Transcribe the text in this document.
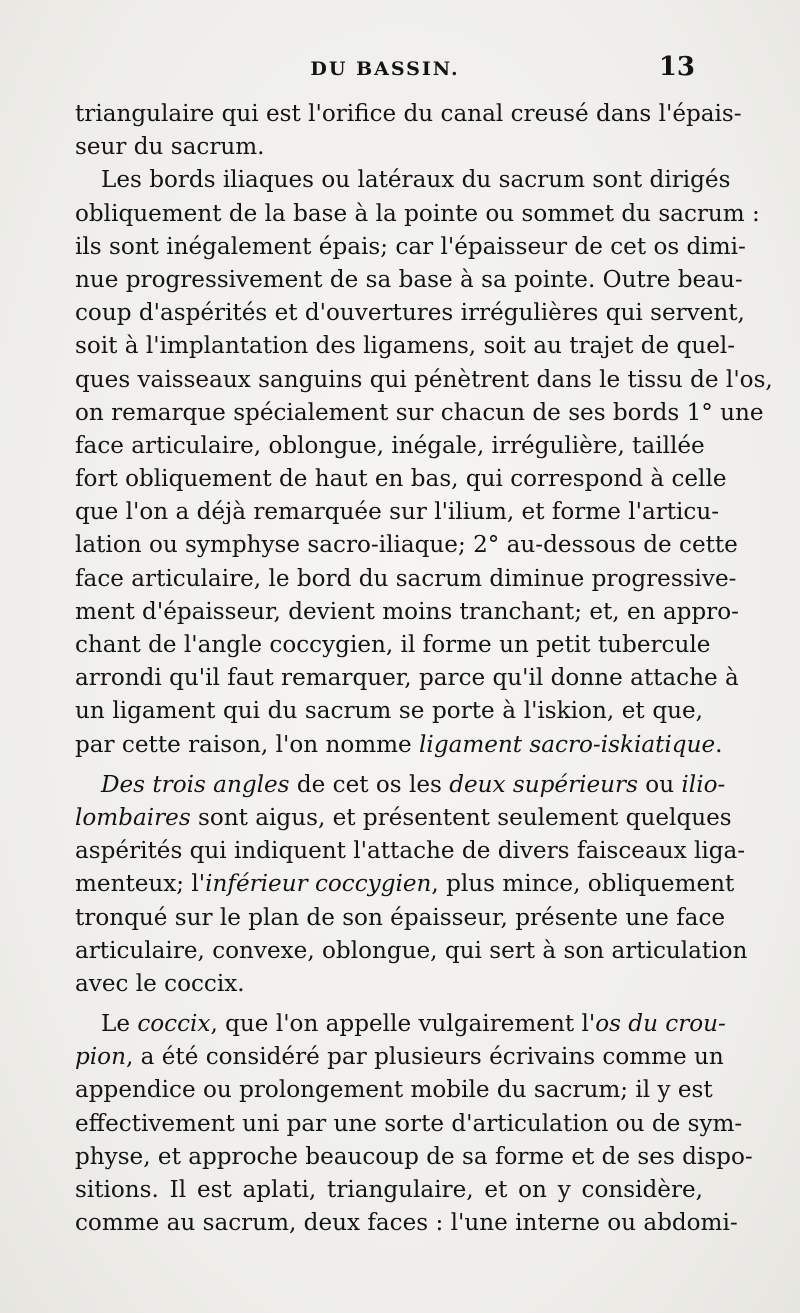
DU BASSIN.	13
triangulaire qui est l'orifice du canal creusé dans l'épais-
seur du sacrum.
Les bords iliaques ou latéraux du sacrum sont dirigés
obliquement de la base à la pointe ou sommet du sacrum :
ils sont inégalement épais; car l'épaisseur de cet os dimi-
nue progressivement de sa base à sa pointe. Outre beau-
coup d'aspérités et d'ouvertures irrégulières qui servent,
soit à l'implantation des ligamens, soit au trajet de quel-
ques vaisseaux sanguins qui pénètrent dans le tissu de l'os,
on remarque spécialement sur chacun de ses bords 1° une
face articulaire, oblongue, inégale, irrégulière, taillée
fort obliquement de haut en bas, qui correspond à celle
que l'on a déjà remarquée sur l'ilium, et forme l'articu-
lation ou symphyse sacro-iliaque; 2° au-dessous de cette
face articulaire, le bord du sacrum diminue progressive-
ment d'épaisseur, devient moins tranchant; et, en appro-
chant de l'angle coccygien, il forme un petit tubercule
arrondi qu'il faut remarquer, parce qu'il donne attache à
un ligament qui du sacrum se porte à l'iskion, et que,
par cette raison, l'on nomme ligament sacro-iskiatique.
Des trois angles de cet os les deux supérieurs ou ilio-
lombaires sont aigus, et présentent seulement quelques
aspérités qui indiquent l'attache de divers faisceaux liga-
menteux; l'inférieur coccygien, plus mince, obliquement
tronqué sur le plan de son épaisseur, présente une face
articulaire, convexe, oblongue, qui sert à son articulation
avec le coccix.
Le coccix, que l'on appelle vulgairement l'os du crou-
pion, a été considéré par plusieurs écrivains comme un
appendice ou prolongement mobile du sacrum; il y est
effectivement uni par une sorte d'articulation ou de sym-
physe, et approche beaucoup de sa forme et de ses dispo-
sitions. Il est aplati, triangulaire, et on y considère,
comme au sacrum, deux faces : l'une interne ou abdomi-
